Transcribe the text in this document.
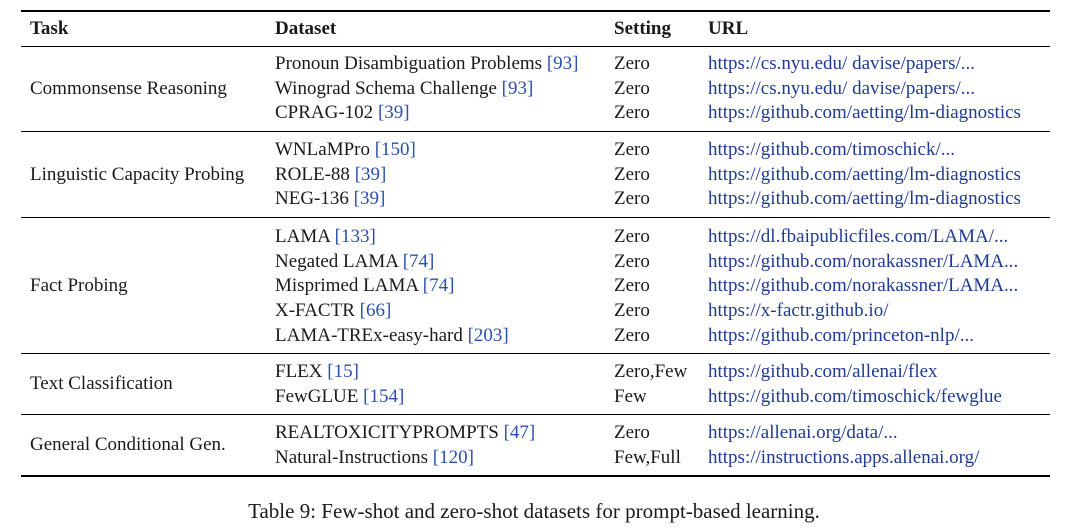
Task	Dataset	Setting URL
Commonsense Reasoning
Pronoun Disambiguation Problems [93] Zero	https://cs.nyu.edu/ davise/papers/...
Winograd Schema Challenge [93]	Zero	https://cs.nyu.edu/ davise/papers/...
CPRAG-102 [39]	Zero	https://github.com/aetting/lm-diagnostics
Linguistic Capacity Probing
WNLaMPro [150]	Zero	https://github.com/timoschick/...
ROLE-88 [39]	Zero	https://github.com/aetting/lm-diagnostics
NEG-136 [39]	Zero	https://github.com/aetting/lm-diagnostics
Fact Probing
LAMA [133]	Zero	https://dl.fbaipublicfiles.com/LAMA/...
Negated LAMA [74]	Zero	https://github.com/norakassner/LAMA...
Misprimed LAMA [74]	Zero	https://github.com/norakassner/LAMA...
X-FACTR [66]	Zero	https://x-factr.github.io/
LAMA-TREx-easy-hard [203]	Zero	https://github.com/princeton-nlp/...
Text Classification
FLEX [15]	Zero,Few https://github.com/allenai/flex
FewGLUE [154]	Few	https://github.com/timoschick/fewglue
General Conditional Gen.
REALTOXICITYPROMPTS [47]	Zero	https://allenai.org/data/...
Natural-Instructions [120]	Few,Full https://instructions.apps.allenai.org/
Table 9: Few-shot and zero-shot datasets for prompt-based learning.
